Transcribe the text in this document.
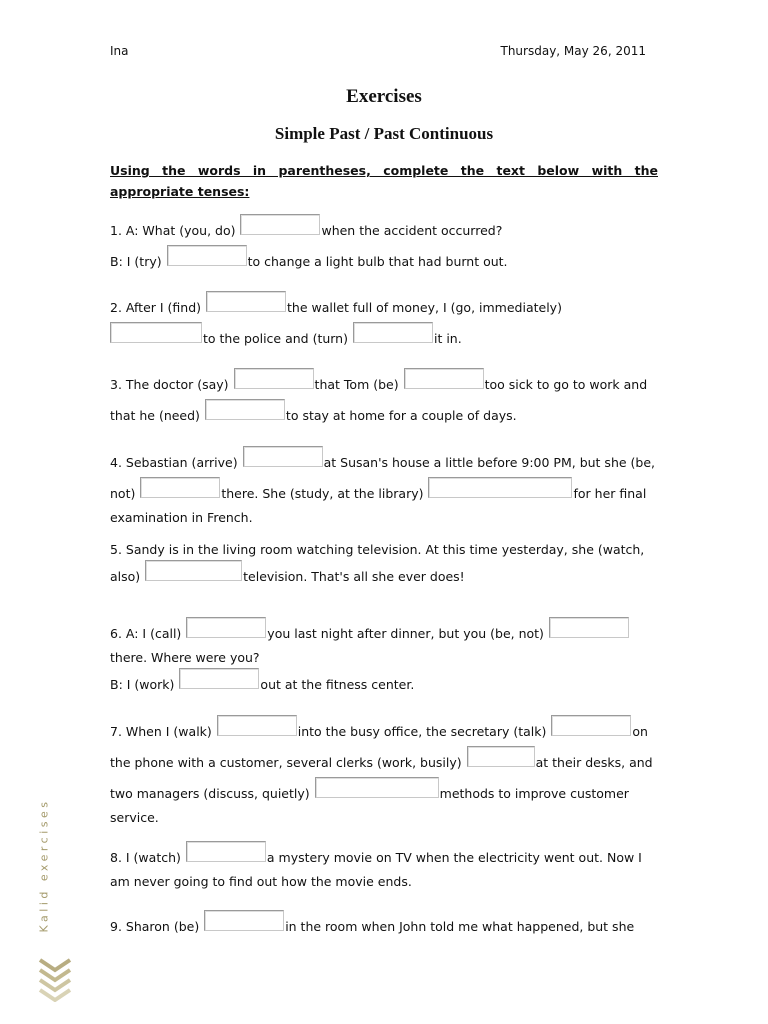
Ina	Thursday, May 26, 2011
Exercises
Simple Past / Past Continuous
Using the words in parentheses, complete the text below with the appropriate tenses:
1. A: What (you, do)	when the accident occurred?
B: I (try)	to change a light bulb that had burnt out.
2. After I (find)	the wallet full of money, I (go, immediately)
to the police and (turn)	it in.
3. The doctor (say)	that Tom (be)	too sick to go to work and
that he (need)	to stay at home for a couple of days.
4. Sebastian (arrive)	at Susan's house a little before 9:00 PM, but she (be,
not)	there. She (study, at the library)	for her final
examination in French.
5. Sandy is in the living room watching television. At this time yesterday, she (watch,
also)	television. That's all she ever does!
6. A: I (call)	you last night after dinner, but you (be, not)
there. Where were you?
B: I (work)	out at the fitness center.
7. When I (walk)	into the busy office, the secretary (talk)	on
the phone with a customer, several clerks (work, busily)	at their desks, and
two managers (discuss, quietly)	methods to improve customer
service.
8. I (watch)	a mystery movie on TV when the electricity went out. Now I
am never going to find out how the movie ends.
9. Sharon (be)	in the room when John told me what happened, but she
Kalid exercises
